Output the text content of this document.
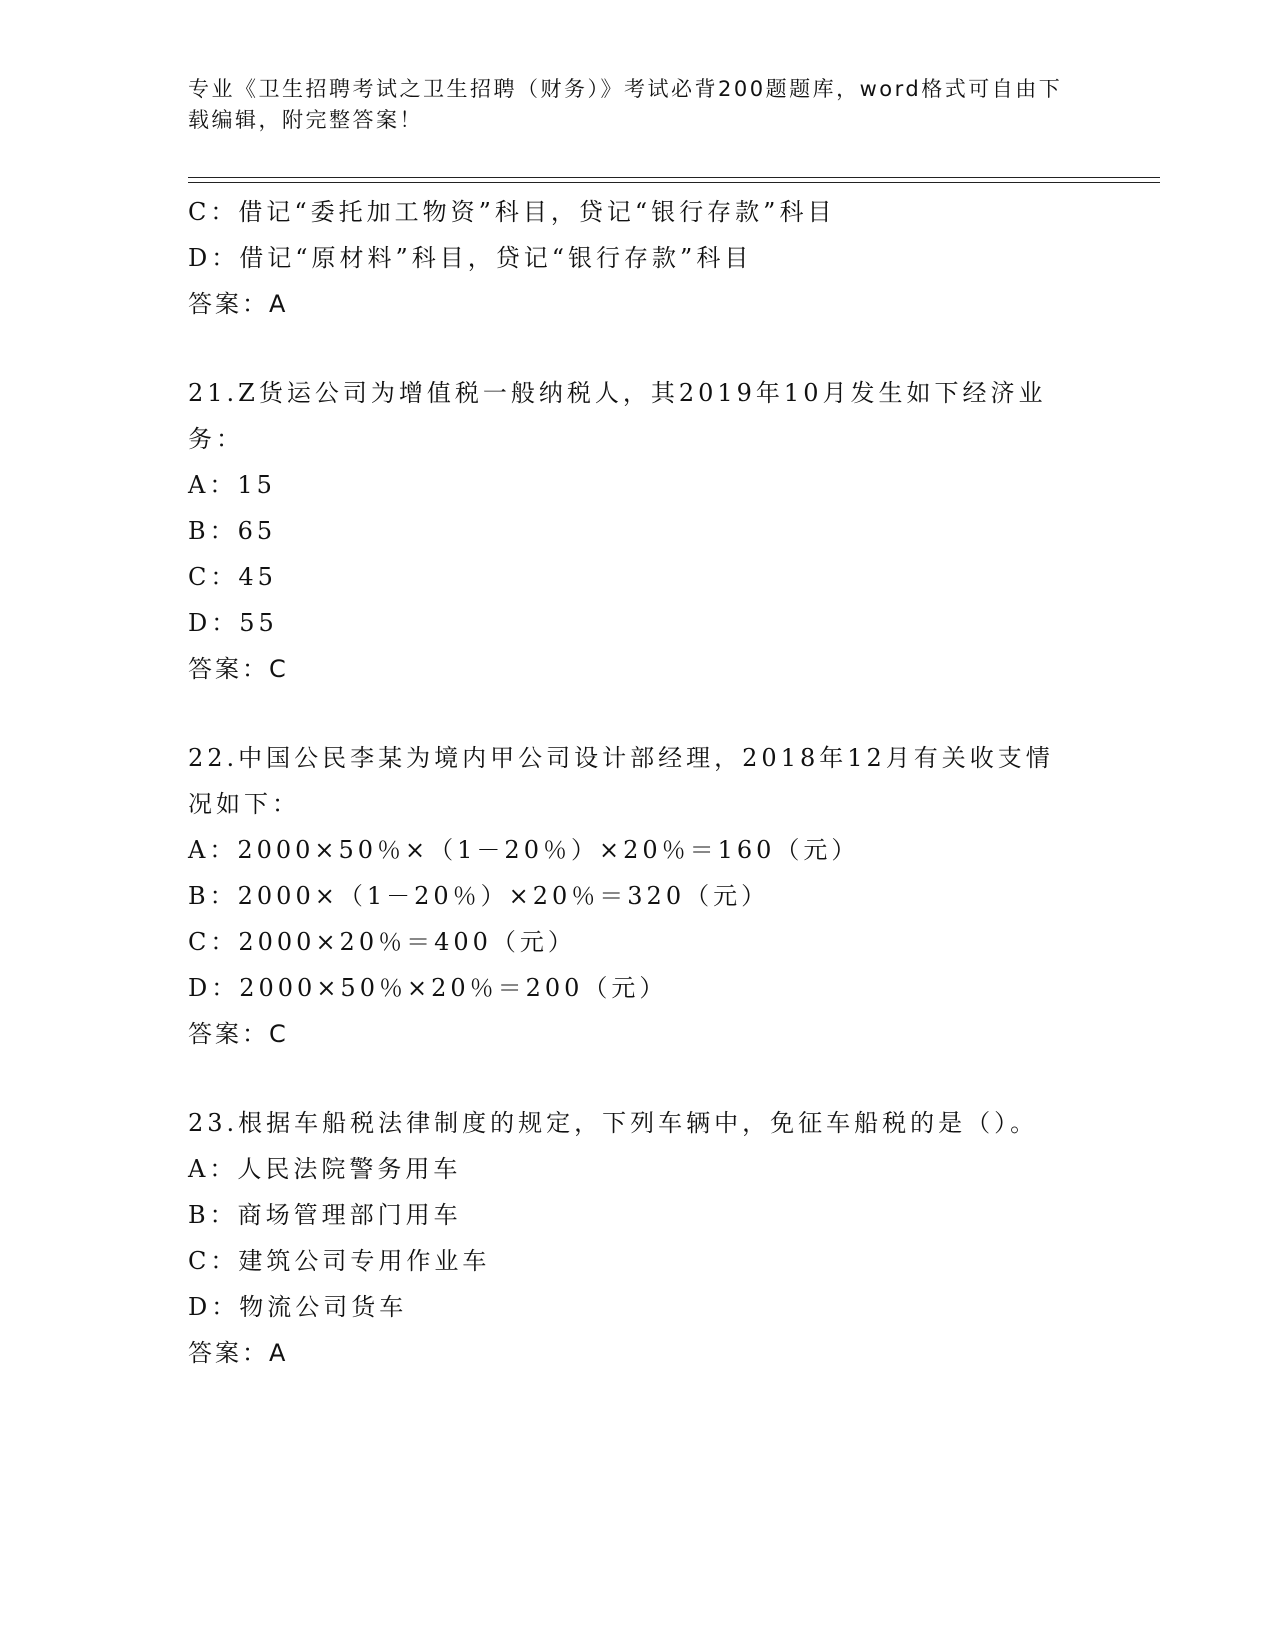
专业《卫生招聘考试之卫生招聘（财务）》考试必背200题题库，word格式可自由下载编辑，附完整答案！
C：借记“委托加工物资”科目，贷记“银行存款”科目
D：借记“原材料”科目，贷记“银行存款”科目
答案：A
21.Z货运公司为增值税一般纳税人，其2019年10月发生如下经济业务：
A：15
B：65
C：45
D：55
答案：C
22.中国公民李某为境内甲公司设计部经理，2018年12月有关收支情况如下：
A：2000×50％×（1－20％）×20％＝160（元）
B：2000×（1－20％）×20％＝320（元）
C：2000×20％＝400（元）
D：2000×50％×20％＝200（元）
答案：C
23.根据车船税法律制度的规定，下列车辆中，免征车船税的是（）。
A：人民法院警务用车
B：商场管理部门用车
C：建筑公司专用作业车
D：物流公司货车
答案：A
